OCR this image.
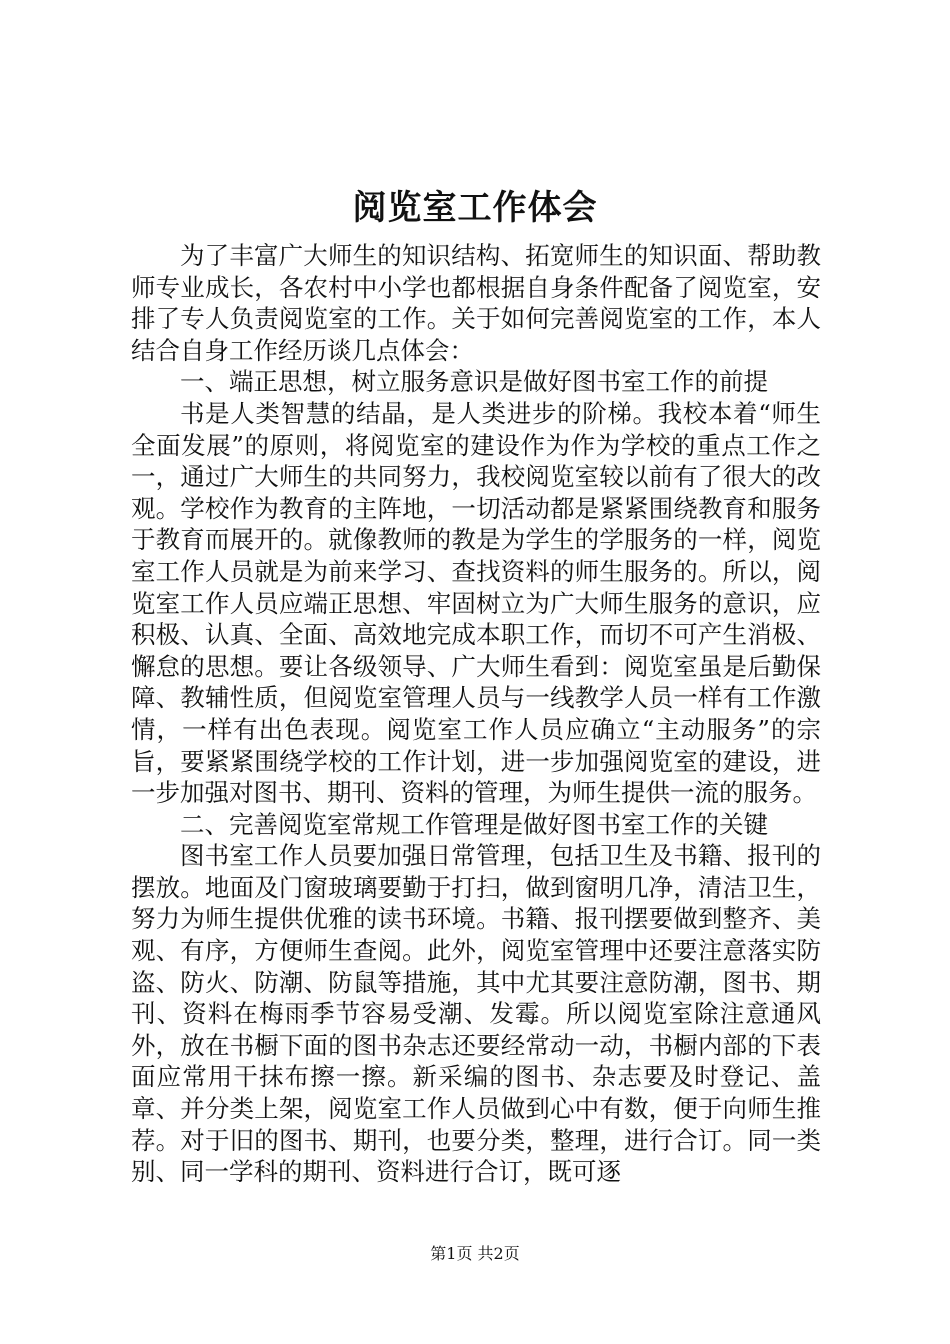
阅览室工作体会

为了丰富广大师生的知识结构、拓宽师生的知识面、帮助教师专业成长，各农村中小学也都根据自身条件配备了阅览室，安排了专人负责阅览室的工作。关于如何完善阅览室的工作，本人结合自身工作经历谈几点体会：

一、端正思想，树立服务意识是做好图书室工作的前提

书是人类智慧的结晶，是人类进步的阶梯。我校本着“师生全面发展”的原则，将阅览室的建设作为作为学校的重点工作之一，通过广大师生的共同努力，我校阅览室较以前有了很大的改观。学校作为教育的主阵地，一切活动都是紧紧围绕教育和服务于教育而展开的。就像教师的教是为学生的学服务的一样，阅览室工作人员就是为前来学习、查找资料的师生服务的。所以，阅览室工作人员应端正思想、牢固树立为广大师生服务的意识，应积极、认真、全面、高效地完成本职工作，而切不可产生消极、懈怠的思想。要让各级领导、广大师生看到：阅览室虽是后勤保障、教辅性质，但阅览室管理人员与一线教学人员一样有工作激情，一样有出色表现。阅览室工作人员应确立“主动服务”的宗旨，要紧紧围绕学校的工作计划，进一步加强阅览室的建设，进一步加强对图书、期刊、资料的管理，为师生提供一流的服务。

二、完善阅览室常规工作管理是做好图书室工作的关键

图书室工作人员要加强日常管理，包括卫生及书籍、报刊的摆放。地面及门窗玻璃要勤于打扫，做到窗明几净，清洁卫生，努力为师生提供优雅的读书环境。书籍、报刊摆要做到整齐、美观、有序，方便师生查阅。此外，阅览室管理中还要注意落实防盗、防火、防潮、防鼠等措施，其中尤其要注意防潮，图书、期刊、资料在梅雨季节容易受潮、发霉。所以阅览室除注意通风外，放在书橱下面的图书杂志还要经常动一动，书橱内部的下表面应常用干抹布擦一擦。新采编的图书、杂志要及时登记、盖章、并分类上架，阅览室工作人员做到心中有数，便于向师生推荐。对于旧的图书、期刊，也要分类，整理，进行合订。同一类别、同一学科的期刊、资料进行合订，既可逐

第1页 共2页
